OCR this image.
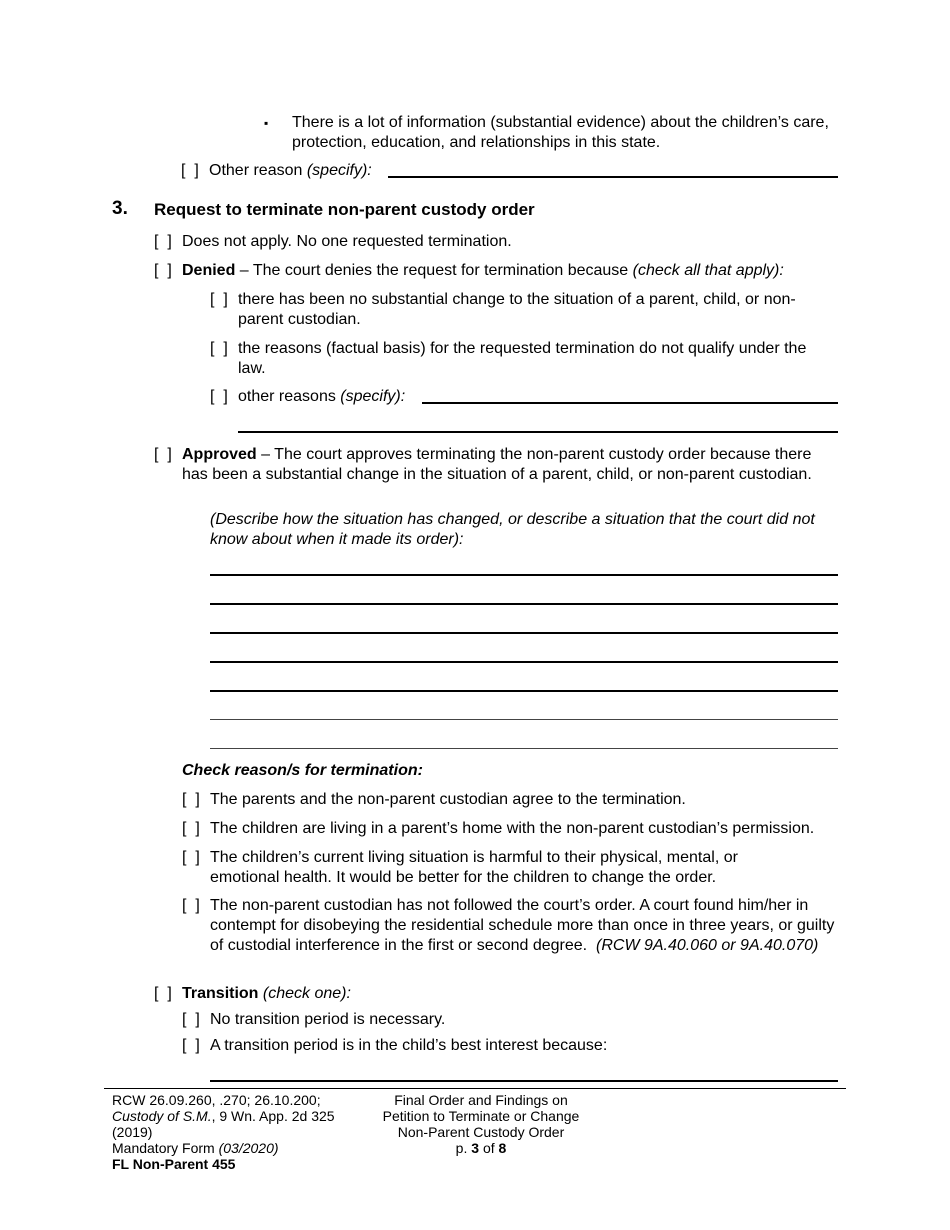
▪ There is a lot of information (substantial evidence) about the children’s care, protection, education, and relationships in this state.
[  ] Other reason (specify):
3. Request to terminate non-parent custody order
[  ] Does not apply. No one requested termination.
[  ] Denied – The court denies the request for termination because (check all that apply):
[  ] there has been no substantial change to the situation of a parent, child, or non-parent custodian.
[  ] the reasons (factual basis) for the requested termination do not qualify under the law.
[  ] other reasons (specify):
[  ] Approved – The court approves terminating the non-parent custody order because there has been a substantial change in the situation of a parent, child, or non-parent custodian.
(Describe how the situation has changed, or describe a situation that the court did not know about when it made its order):
Check reason/s for termination:
[  ] The parents and the non-parent custodian agree to the termination.
[  ] The children are living in a parent’s home with the non-parent custodian’s permission.
[  ] The children’s current living situation is harmful to their physical, mental, or emotional health. It would be better for the children to change the order.
[  ] The non-parent custodian has not followed the court’s order. A court found him/her in contempt for disobeying the residential schedule more than once in three years, or guilty of custodial interference in the first or second degree. (RCW 9A.40.060 or 9A.40.070)
[  ] Transition (check one):
[  ] No transition period is necessary.
[  ] A transition period is in the child’s best interest because:
RCW 26.09.260, .270; 26.10.200;
Custody of S.M., 9 Wn. App. 2d 325
(2019)
Mandatory Form (03/2020)
FL Non-Parent 455
Final Order and Findings on
Petition to Terminate or Change
Non-Parent Custody Order
p. 3 of 8
